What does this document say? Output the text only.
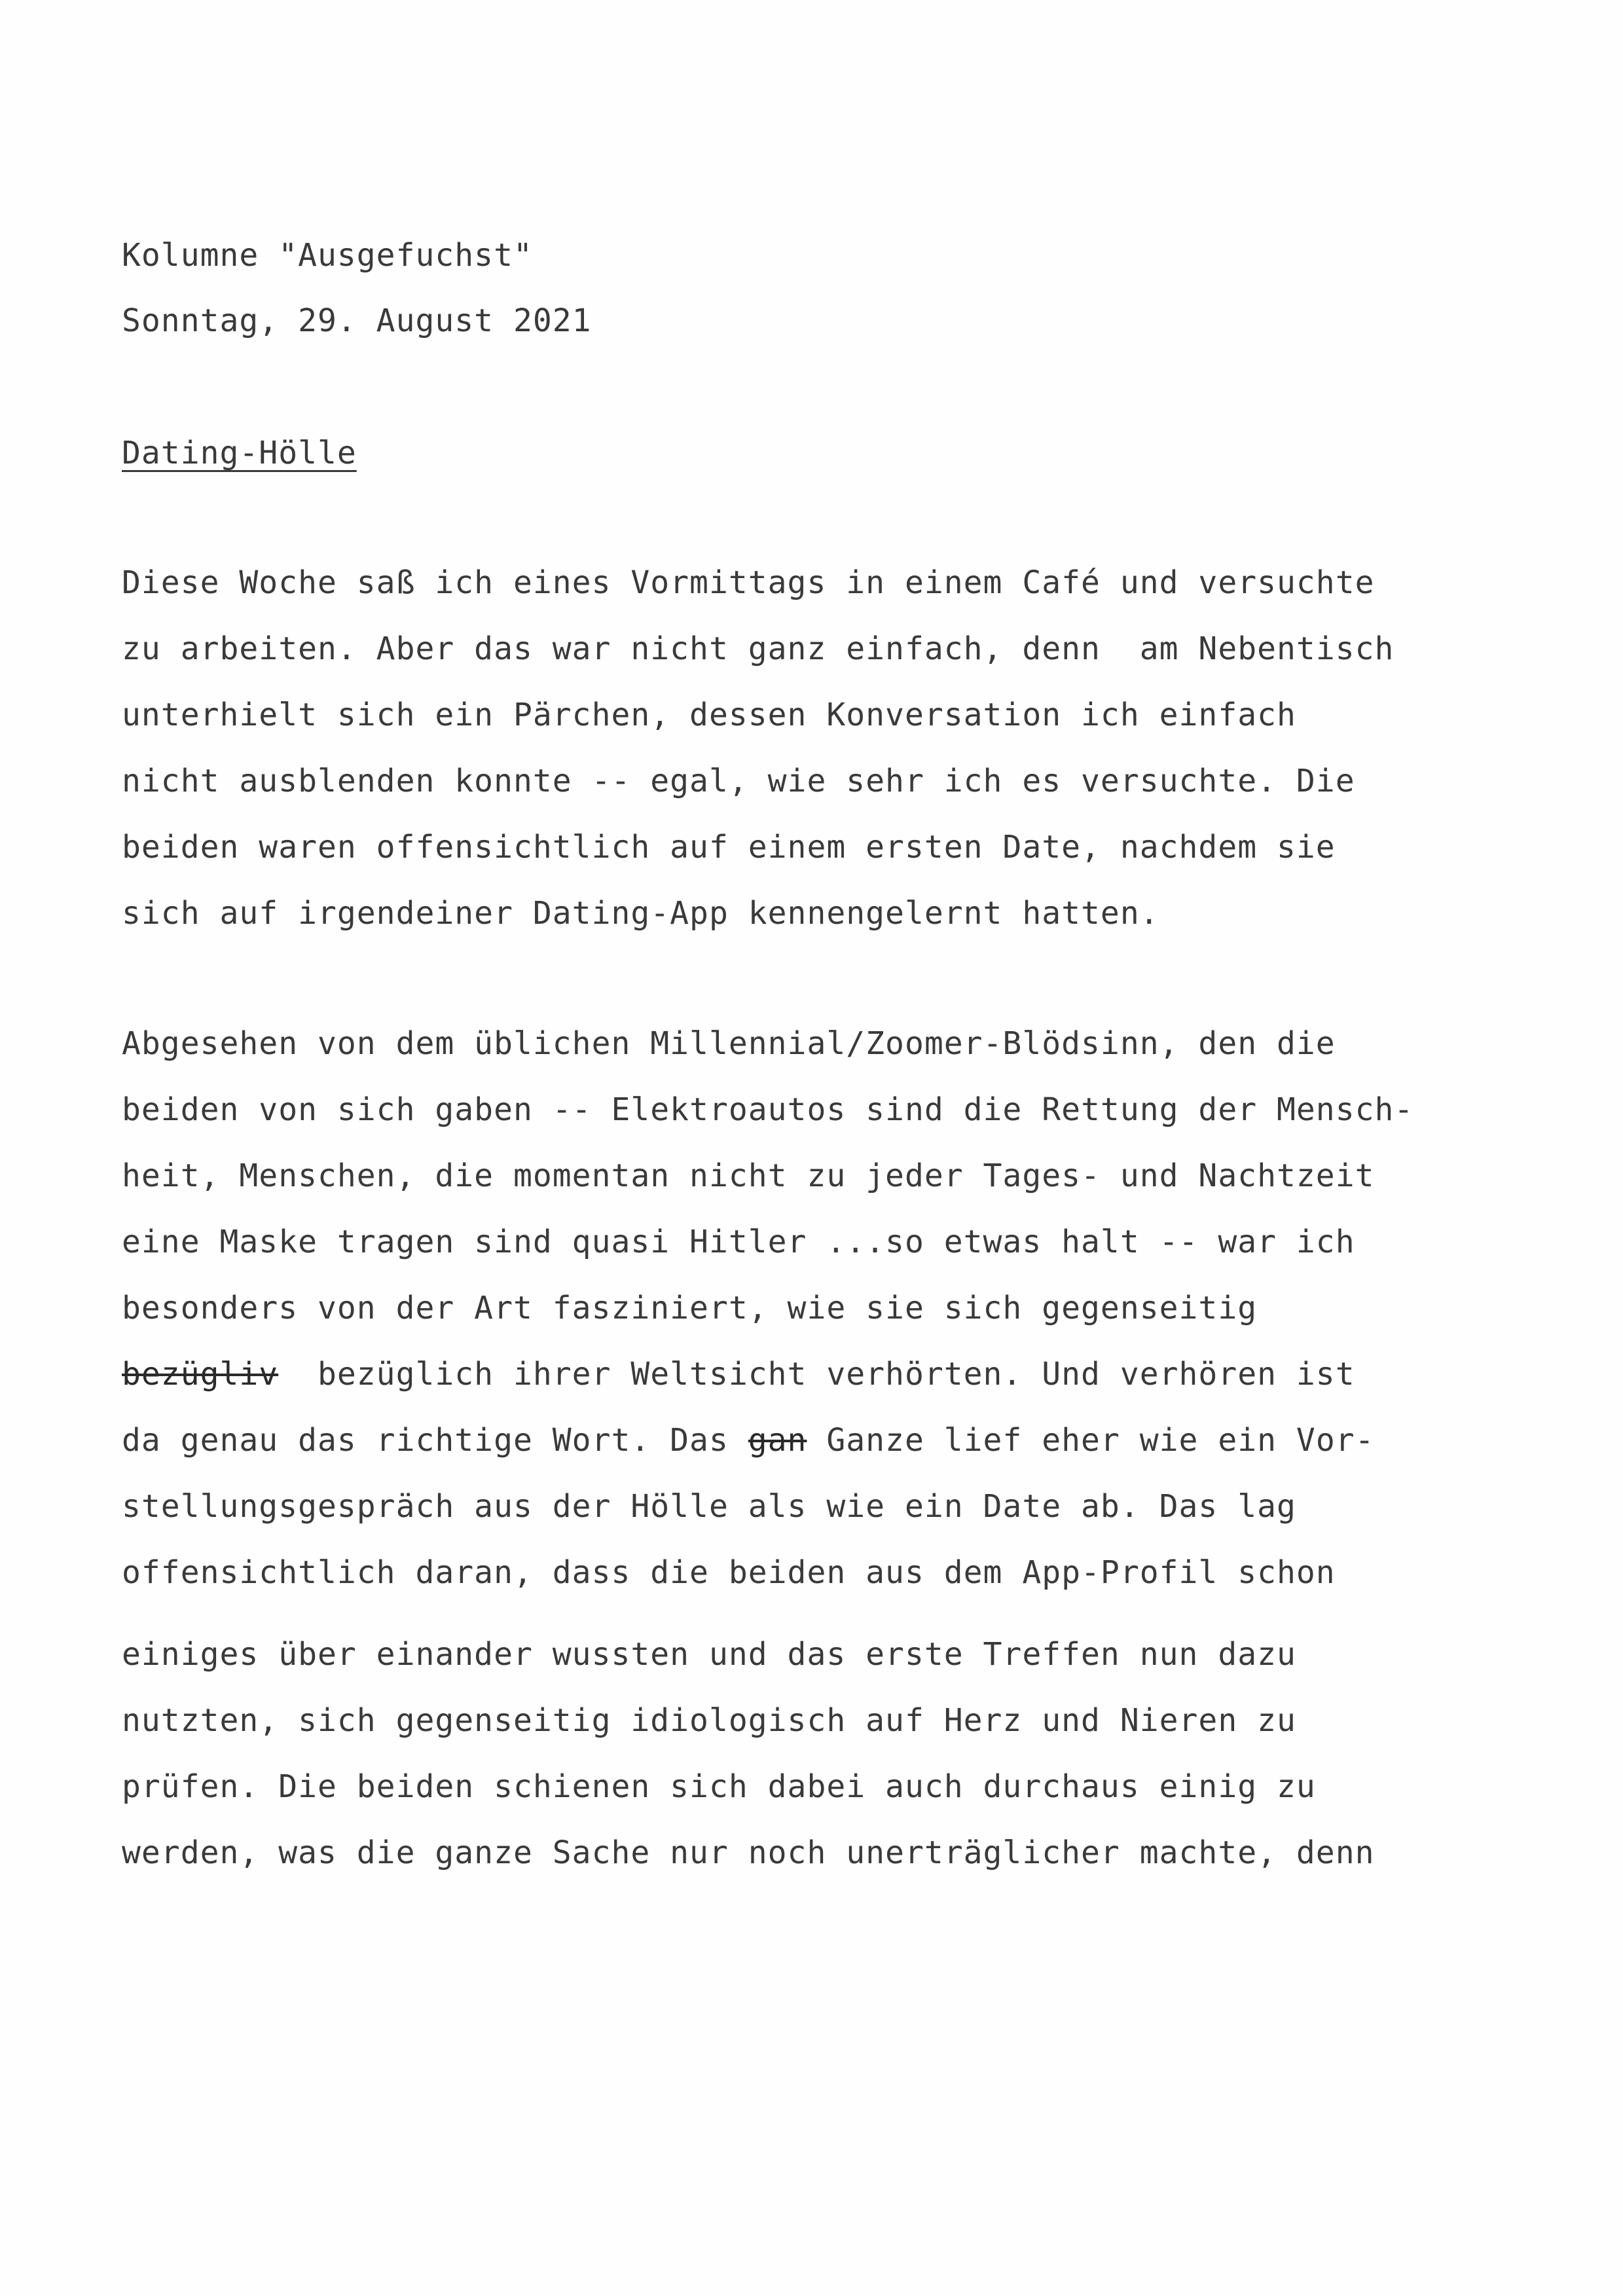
Kolumne "Ausgefuchst"
Sonntag, 29. August 2021
Dating-Hölle
Diese Woche saß ich eines Vormittags in einem Café und versuchte
zu arbeiten. Aber das war nicht ganz einfach, denn  am Nebentisch
unterhielt sich ein Pärchen, dessen Konversation ich einfach
nicht ausblenden konnte -- egal, wie sehr ich es versuchte. Die
beiden waren offensichtlich auf einem ersten Date, nachdem sie
sich auf irgendeiner Dating-App kennengelernt hatten.
Abgesehen von dem üblichen Millennial/Zoomer-Blödsinn, den die
beiden von sich gaben -- Elektroautos sind die Rettung der Mensch-
heit, Menschen, die momentan nicht zu jeder Tages- und Nachtzeit
eine Maske tragen sind quasi Hitler ...so etwas halt -- war ich
besonders von der Art fasziniert, wie sie sich gegenseitig
bezügliv  bezüglich ihrer Weltsicht verhörten. Und verhören ist
da genau das richtige Wort. Das gan Ganze lief eher wie ein Vor-
stellungsgespräch aus der Hölle als wie ein Date ab. Das lag
offensichtlich daran, dass die beiden aus dem App-Profil schon
einiges über einander wussten und das erste Treffen nun dazu
nutzten, sich gegenseitig idiologisch auf Herz und Nieren zu
prüfen. Die beiden schienen sich dabei auch durchaus einig zu
werden, was die ganze Sache nur noch unerträglicher machte, denn
